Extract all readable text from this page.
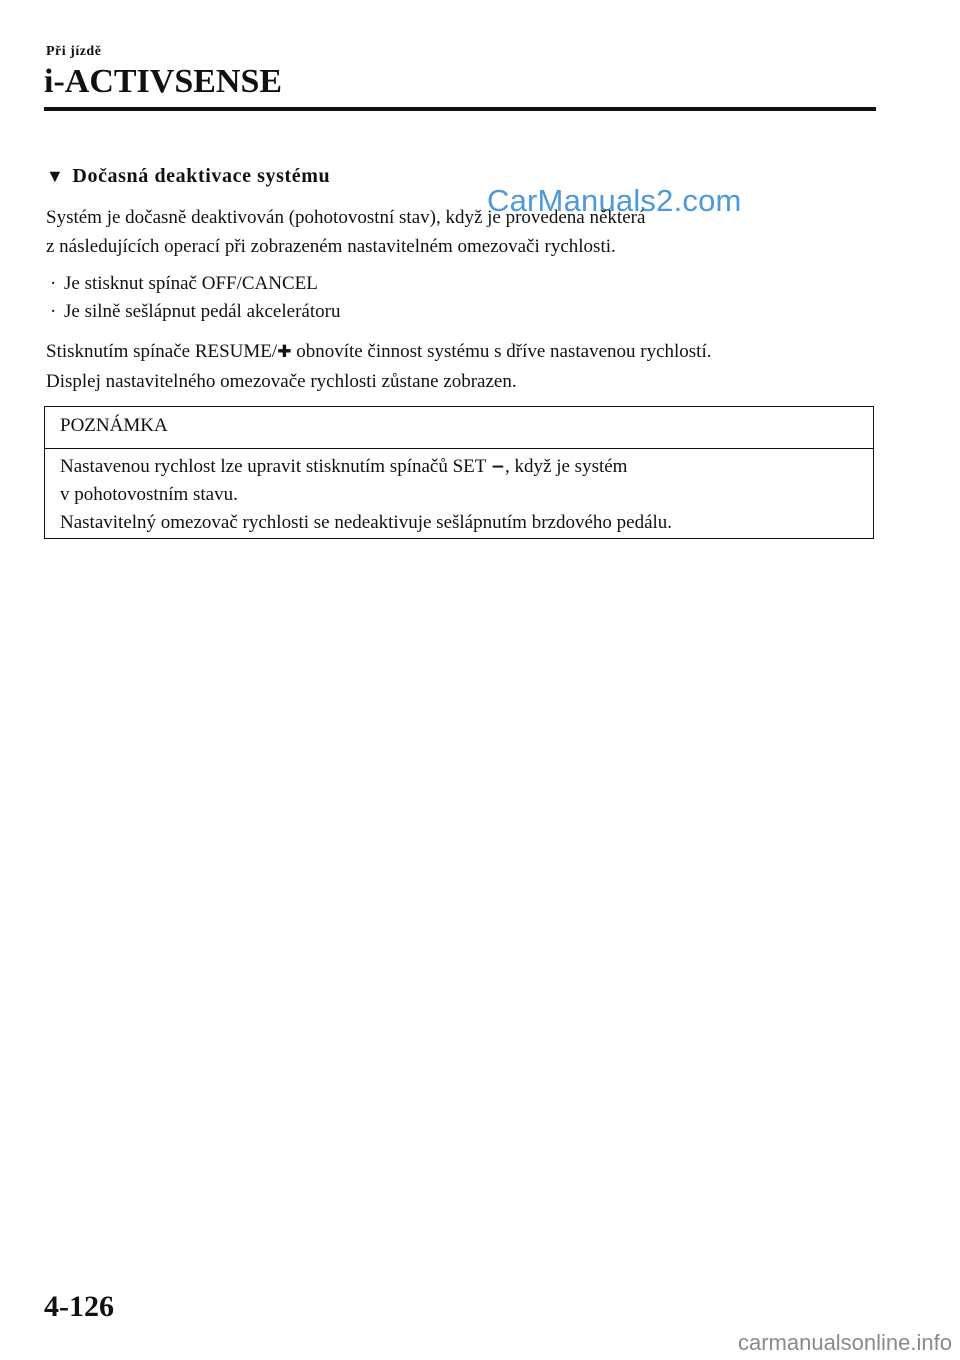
Při jízdě
i-ACTIVSENSE
▼ Dočasná deaktivace systému
CarManuals2.com
Systém je dočasně deaktivován (pohotovostní stav), když je provedena některá
z následujících operací při zobrazeném nastavitelném omezovači rychlosti.
· Je stisknut spínač OFF/CANCEL
· Je silně sešlápnut pedál akcelerátoru
Stisknutím spínače RESUME/✚ obnovíte činnost systému s dříve nastavenou rychlostí.
Displej nastavitelného omezovače rychlosti zůstane zobrazen.
POZNÁMKA
Nastavenou rychlost lze upravit stisknutím spínačů SET −, když je systém
v pohotovostním stavu.
Nastavitelný omezovač rychlosti se nedeaktivuje sešlápnutím brzdového pedálu.
4-126
carmanualsonline.info
